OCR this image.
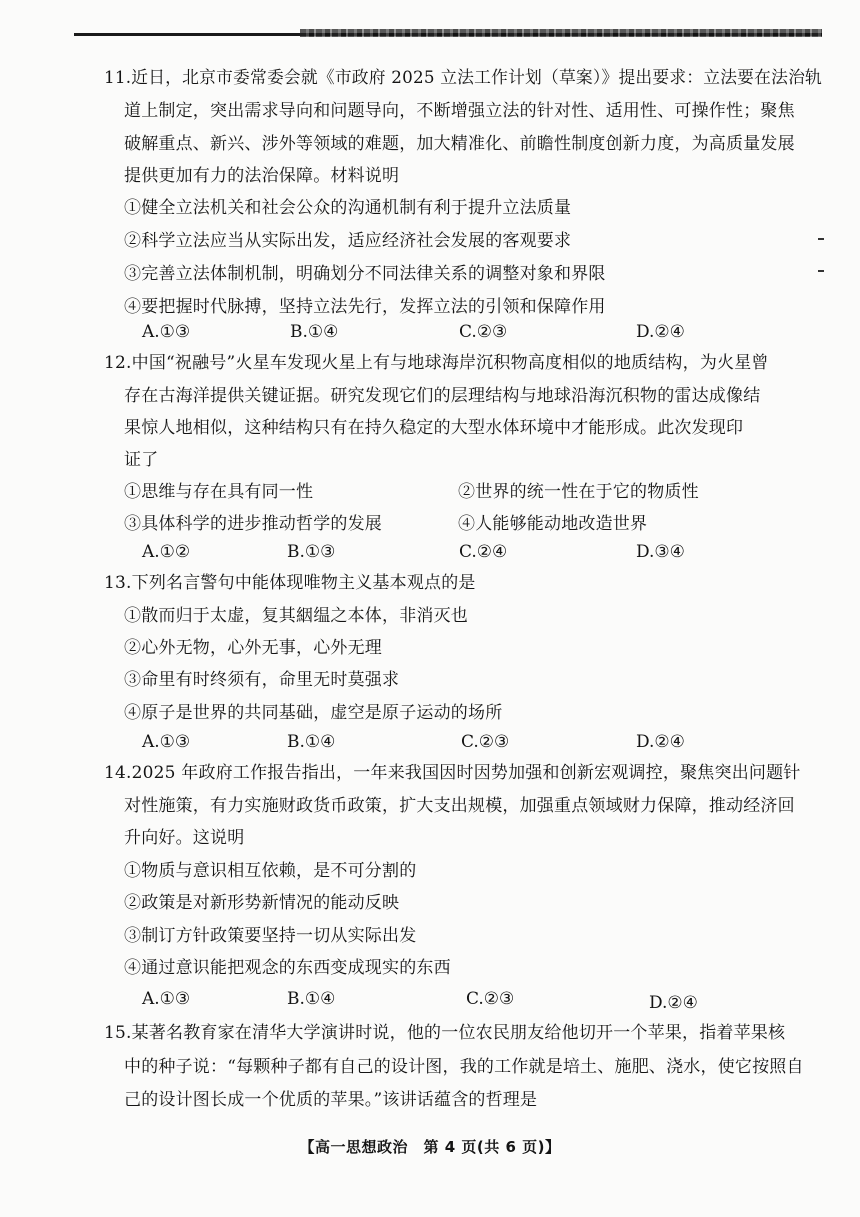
11.近日，北京市委常委会就《市政府 2025 立法工作计划（草案）》提出要求：立法要在法治轨
道上制定，突出需求导向和问题导向，不断增强立法的针对性、适用性、可操作性；聚焦
破解重点、新兴、涉外等领域的难题，加大精准化、前瞻性制度创新力度，为高质量发展
提供更加有力的法治保障。材料说明
①健全立法机关和社会公众的沟通机制有利于提升立法质量
②科学立法应当从实际出发，适应经济社会发展的客观要求
③完善立法体制机制，明确划分不同法律关系的调整对象和界限
④要把握时代脉搏，坚持立法先行，发挥立法的引领和保障作用
A.①③	B.①④	C.②③	D.②④
12.中国“祝融号”火星车发现火星上有与地球海岸沉积物高度相似的地质结构，为火星曾
存在古海洋提供关键证据。研究发现它们的层理结构与地球沿海沉积物的雷达成像结
果惊人地相似，这种结构只有在持久稳定的大型水体环境中才能形成。此次发现印
证了
①思维与存在具有同一性	②世界的统一性在于它的物质性
③具体科学的进步推动哲学的发展	④人能够能动地改造世界
A.①②	B.①③	C.②④	D.③④
13.下列名言警句中能体现唯物主义基本观点的是
①散而归于太虚，复其絪缊之本体，非消灭也
②心外无物，心外无事，心外无理
③命里有时终须有，命里无时莫强求
④原子是世界的共同基础，虚空是原子运动的场所
A.①③	B.①④	C.②③	D.②④
14.2025 年政府工作报告指出，一年来我国因时因势加强和创新宏观调控，聚焦突出问题针
对性施策，有力实施财政货币政策，扩大支出规模，加强重点领域财力保障，推动经济回
升向好。这说明
①物质与意识相互依赖，是不可分割的
②政策是对新形势新情况的能动反映
③制订方针政策要坚持一切从实际出发
④通过意识能把观念的东西变成现实的东西
A.①③	B.①④	C.②③	D.②④
15.某著名教育家在清华大学演讲时说，他的一位农民朋友给他切开一个苹果，指着苹果核
中的种子说：“每颗种子都有自己的设计图，我的工作就是培土、施肥、浇水，使它按照自
己的设计图长成一个优质的苹果。”该讲话蕴含的哲理是
【高一思想政治　第 4 页(共 6 页)】
